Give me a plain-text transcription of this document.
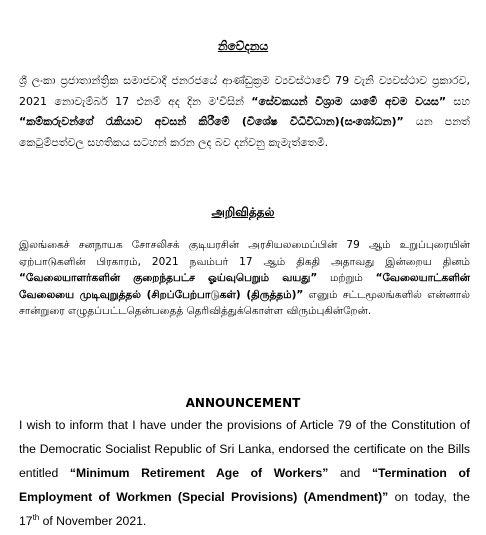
නිවේදනය
ශ්‍රී ලංකා ප්‍රජාතාන්ත්‍රික සමාජවාදී ජනරජයේ ආණ්ඩුක්‍රම ව්‍යවස්ථාවේ 79 වැනි ව්‍යවස්ථාව ප්‍රකාරව, 2021 නොවැම්බර් 17 එනම් අද දින ම'විසින් “සේවකයන් විශ්‍රාම යාමේ අවම වයස” සහ “කම්කරුවන්ගේ රැකියාව අවසන් කිරීමේ (විශේෂ විධිවිධාන)(සංශෝධන)” යන පනත් කෙටුම්පත්වල සහතිකය සටහන් කරන ලද බව දන්වනු කැමැත්තෙමි.
அறிவித்தல்
இலங்கைச் சனநாயக சோசலிசக் குடியரசின் அரசியலமைப்பின் 79 ஆம் உறுப்புரையின் ஏற்பாடுகளின் பிரகாரம், 2021 நவம்பர் 17 ஆம் திகதி அதாவது இன்றைய தினம் “வேலையாளர்களின் குறைந்தபட்ச ஓய்வுபெறும் வயது” மற்றும் “வேலையாட்களின் வேலையை முடிவுறுத்தல் (சிறப்பேற்பாடுகள்) (திருத்தம்)” எனும் சட்டமூலங்களில் என்னால் சான்றுரை எழுதப்பட்டதென்பதைத் தெரிவித்துக்கொள்ள விரும்புகின்றேன்.
ANNOUNCEMENT
I wish to inform that I have under the provisions of Article 79 of the Constitution of the Democratic Socialist Republic of Sri Lanka, endorsed the certificate on the Bills entitled “Minimum Retirement Age of Workers” and “Termination of Employment of Workmen (Special Provisions) (Amendment)” on today, the 17th of November 2021.
